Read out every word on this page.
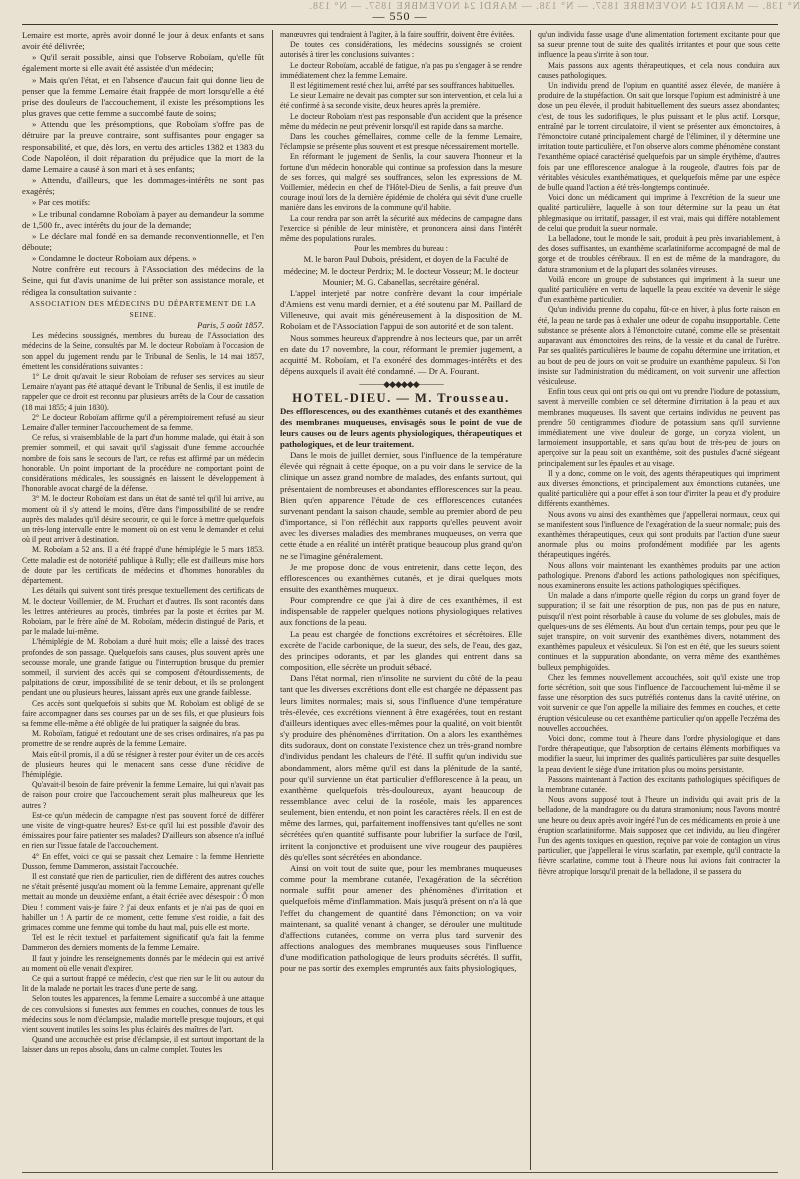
N° 138. — MARDI 24 NOVEMBRE 1857. — N° 138. — MARDI 24 NOVEMBRE 1857. — N° 138.
— 550 —

Lemaire est morte, après avoir donné le jour à deux enfants et sans avoir été délivrée;

» Qu'il serait possible, ainsi que l'observe Roboïam, qu'elle fût également morte si elle avait été assistée d'un médecin;

» Mais qu'en l'état, et en l'absence d'aucun fait qui donne lieu de penser que la femme Lemaire était frappée de mort lorsqu'elle a été prise des douleurs de l'accouchement, il existe les présomptions les plus graves que cette femme a succombé faute de soins;

» Attendu que les présomptions, que Roboïam s'offre pas de détruire par la preuve contraire, sont suffisantes pour engager sa responsabilité, et que, dès lors, en vertu des articles 1382 et 1383 du Code Napoléon, il doit réparation du préjudice que la mort de la dame Lemaire a causé à son mari et à ses enfants;

» Attendu, d'ailleurs, que les dommages-intérêts ne sont pas exagérés;

» Par ces motifs:

» Le tribunal condamne Roboïam à payer au demandeur la somme de 1,500 fr., avec intérêts du jour de la demande;

» Le déclare mal fondé en sa demande reconventionnelle, et l'en déboute;

» Condamne le docteur Roboïam aux dépens. »

Notre confrère eut recours à l'Association des médecins de la Seine, qui fut d'avis unanime de lui prêter son assistance morale, et rédigea la consultation suivante :

ASSOCIATION DES MÉDECINS DU DÉPARTEMENT DE LA SEINE.

Paris, 5 août 1857.

Les médecins soussignés, membres du bureau de l'Association des médecins de la Seine, consultés par M. le docteur Roboïam à l'occasion de son appel du jugement rendu par le Tribunal de Senlis, le 14 mai 1857, émettent les considérations suivantes :

1° Le droit qu'avait le sieur Roboïam de refuser ses services au sieur Lemaire n'ayant pas été attaqué devant le Tribunal de Senlis, il est inutile de rappeler que ce droit est reconnu par plusieurs arrêts de la Cour de cassation (18 mai 1855; 4 juin 1830).

2° Le docteur Roboïam affirme qu'il a péremptoirement refusé au sieur Lemaire d'aller terminer l'accouchement de sa femme.

Ce refus, si vraisemblable de la part d'un homme malade, qui était à son premier sommeil, et qui savait qu'il s'agissait d'une femme accouchée nombre de fois sans le secours de l'art, ce refus est affirmé par un médecin honorable. Un point important de la procédure ne comportant point de considérations médicales, les soussignés en laissent le développement à l'honorable avocat chargé de la défense.

3° M. le docteur Roboïam est dans un état de santé tel qu'il lui arrive, au moment où il s'y attend le moins, d'être dans l'impossibilité de se rendre auprès des malades qu'il désire secourir, ce qui le force à mettre quelquefois un très-long intervalle entre le moment où on est venu le demander et celui où il peut arriver à destination.

M. Roboïam a 52 ans. Il a été frappé d'une hémiplégie le 5 mars 1853. Cette maladie est de notoriété publique à Rully; elle est d'ailleurs mise hors de doute par les certificats de médecins et d'hommes honorables du département.

Les détails qui suivent sont tirés presque textuellement des certificats de M. le docteur Voillemier, de M. Fruchart et d'autres. Ils sont racontés dans les lettres antérieures au procès, timbrées par la poste et écrites par M. Roboïam, par le frère aîné de M. Roboïam, médecin distingué de Paris, et par le malade lui-même.

L'hémiplégie de M. Roboïam a duré huit mois; elle a laissé des traces profondes de son passage. Quelquefois sans causes, plus souvent après une secousse morale, une grande fatigue ou l'interruption brusque du premier sommeil, il survient des accès qui se composent d'étourdissements, de palpitations de cœur, impossibilité de se tenir debout, et ils se prolongent pendant une ou plusieurs heures, laissant après eux une grande faiblesse.

Ces accès sont quelquefois si subits que M. Roboïam est obligé de se faire accompagner dans ses courses par un de ses fils, et que plusieurs fois sa femme elle-même a été obligée de lui pratiquer la saignée du bras.

M. Roboïam, fatigué et redoutant une de ses crises ordinaires, n'a pas pu promettre de se rendre auprès de la femme Lemaire.

Mais eût-il promis, il a dû se résigner à rester pour éviter un de ces accès de plusieurs heures qui le menacent sans cesse d'une récidive de l'hémiplégie.

Qu'avait-il besoin de faire prévenir la femme Lemaire, lui qui n'avait pas de raison pour croire que l'accouchement serait plus malheureux que les autres ?

Est-ce qu'un médecin de campagne n'est pas souvent forcé de différer une visite de vingt-quatre heures? Est-ce qu'il lui est possible d'avoir des émissaires pour faire patienter ses malades? D'ailleurs son absence n'a influé en rien sur l'issue fatale de l'accouchement.

4° En effet, voici ce qui se passait chez Lemaire : la femme Henriette Dusson, femme Dammeron, assistait l'accouchée.

Il est constaté que rien de particulier, rien de différent des autres couches ne s'était présenté jusqu'au moment où la femme Lemaire, apprenant qu'elle mettait au monde un deuxième enfant, a était écriée avec désespoir : Ô mon Dieu ! comment vais-je faire ? j'ai deux enfants et je n'ai pas de quoi en habiller un ! A partir de ce moment, cette femme s'est roidie, a fait des grimaces comme une femme qui tombe du haut mal, puis elle est morte.

Tel est le récit textuel et parfaitement significatif qu'a fait la femme Dammeron des derniers moments de la femme Lemaire.

Il faut y joindre les renseignements donnés par le médecin qui est arrivé au moment où elle venait d'expirer.

Ce qui a surtout frappé ce médecin, c'est que rien sur le lit ou autour du lit de la malade ne portait les traces d'une perte de sang.

Selon toutes les apparences, la femme Lemaire a succombé à une attaque de ces convulsions si funestes aux femmes en couches, connues de tous les médecins sous le nom d'éclampsie, maladie mortelle presque toujours, et qui vient souvent inutiles les soins les plus éclairés des maîtres de l'art.

Quand une accouchée est prise d'éclampsie, il est surtout important de la laisser dans un repos absolu, dans un calme complet. Toutes les

manœuvres qui tendraient à l'agiter, à la faire souffrir, doivent être évitées.

De toutes ces considérations, les médecins soussignés se croient autorisés à tirer les conclusions suivantes :

Le docteur Roboïam, accablé de fatigue, n'a pas pu s'engager à se rendre immédiatement chez la femme Lemaire.

Il est légitimement resté chez lui, arrêté par ses souffrances habituelles.

Le sieur Lemaire ne devait pas compter sur son intervention, et cela lui a été confirmé à sa seconde visite, deux heures après la première.

Le docteur Roboïam n'est pas responsable d'un accident que la présence même du médecin ne peut prévenir lorsqu'il est rapide dans sa marche.

Dans les couches gémellaires, comme celle de la femme Lemaire, l'éclampsie se présente plus souvent et est presque nécessairement mortelle.

En réformant le jugement de Senlis, la cour sauvera l'honneur et la fortune d'un médecin honorable qui continue sa profession dans la mesure de ses forces, qui malgré ses souffrances, selon les expressions de M. Voillemier, médecin en chef de l'Hôtel-Dieu de Senlis, a fait preuve d'un courage inouï lors de la dernière épidémie de choléra qui sévit d'une cruelle manière dans les environs de la commune qu'il habite.

La cour rendra par son arrêt la sécurité aux médecins de campagne dans l'exercice si pénible de leur ministère, et prononcera ainsi dans l'intérêt même des populations rurales.

Pour les membres du bureau :

M. le baron Paul Dubois, président, et doyen de la Faculté de médecine; M. le docteur Perdrix; M. le docteur Vosseur; M. le docteur Mounier; M. G. Cabanellas, secrétaire général.

L'appel interjeté par notre confrère devant la cour impériale d'Amiens est venu mardi dernier, et a été soutenu par M. Paillard de Villeneuve, qui avait mis généreusement à la disposition de M. Roboïam et de l'Association l'appui de son autorité et de son talent.

Nous sommes heureux d'apprendre à nos lecteurs que, par un arrêt en date du 17 novembre, la cour, réformant le premier jugement, a acquitté M. Roboïam, et l'a exonéré des dommages-intérêts et des dépens auxquels il avait été condamné. — Dr A. Fourant.

———◆◆◆◆◆◆———
HOTEL-DIEU. — M. Trousseau.

Des efflorescences, ou des exanthèmes cutanés et des exanthèmes des membranes muqueuses, envisagés sous le point de vue de leurs causes ou de leurs agents physiologiques, thérapeutiques et pathologiques, et de leur traitement.

Dans le mois de juillet dernier, sous l'influence de la température élevée qui régnait à cette époque, on a pu voir dans le service de la clinique un assez grand nombre de malades, des enfants surtout, qui présentaient de nombreuses et abondantes efflorescences sur la peau. Bien qu'en apparence l'étude de ces efflorescences cutanées survenant pendant la saison chaude, semble au premier abord de peu d'importance, si l'on réfléchit aux rapports qu'elles peuvent avoir avec les diverses maladies des membranes muqueuses, on verra que cette étude a en réalité un intérêt pratique beaucoup plus grand qu'on ne se l'imagine généralement.

Je me propose donc de vous entretenir, dans cette leçon, des efflorescences ou exanthèmes cutanés, et je dirai quelques mots ensuite des exanthèmes muqueux.

Pour comprendre ce que j'ai à dire de ces exanthèmes, il est indispensable de rappeler quelques notions physiologiques relatives aux fonctions de la peau.

La peau est chargée de fonctions excrétoires et sécrétoires. Elle excrète de l'acide carbonique, de la sueur, des sels, de l'eau, des gaz, des principes odorants, et par les glandes qui entrent dans sa composition, elle sécrète un produit sébacé.

Dans l'état normal, rien n'insolite ne survient du côté de la peau tant que les diverses excrétions dont elle est chargée ne dépassent pas leurs limites normales; mais si, sous l'influence d'une température très-élevée, ces excrétions viennent à être exagérées, tout en restant d'ailleurs identiques avec elles-mêmes pour la qualité, on voit bientôt s'y produire des phénomènes d'irritation. On a alors les exanthèmes dits sudoraux, dont on constate l'existence chez un très-grand nombre d'individus pendant les chaleurs de l'été. Il suffit qu'un individu sue abondamment, alors même qu'il est dans la plénitude de la santé, pour qu'il survienne un état particulier d'efflorescence à la peau, un exanthème quelquefois très-douloureux, ayant beaucoup de ressemblance avec celui de la roséole, mais les apparences seulement, bien entendu, et non point les caractères réels. Il en est de même des larmes, qui, parfaitement inoffensives tant qu'elles ne sont sécrétées qu'en quantité suffisante pour lubrifier la surface de l'œil, irritent la conjonctive et produisent une vive rougeur des paupières dès qu'elles sont sécrétées en abondance.

Ainsi on voit tout de suite que, pour les membranes muqueuses comme pour la membrane cutanée, l'exagération de la sécrétion normale suffit pour amener des phénomènes d'irritation et quelquefois même d'inflammation. Mais jusqu'à présent on n'a là que l'effet du changement de quantité dans l'émonction; on va voir maintenant, sa qualité venant à changer, se dérouler une multitude d'affections cutanées, comme on verra plus tard survenir des affections analogues des membranes muqueuses sous l'influence d'une modification pathologique de leurs produits sécrétés. Il suffit, pour ne pas sortir des exemples empruntés aux faits physiologiques,

qu'un individu fasse usage d'une alimentation fortement excitante pour que sa sueur prenne tout de suite des qualités irritantes et pour que sous cette influence la peau s'irrite à son tour.

Mais passons aux agents thérapeutiques, et cela nous conduira aux causes pathologiques.

Un individu prend de l'opium en quantité assez élevée, de manière à produire de la stupéfaction. On sait que lorsque l'opium est administré à une dose un peu élevée, il produit habituellement des sueurs assez abondantes; c'est, de tous les sudorifiques, le plus puissant et le plus actif. Lorsque, entraîné par le torrent circulatoire, il vient se présenter aux émonctoires, à l'émonctoire cutané principalement chargé de l'éliminer, il y détermine une irritation toute particulière, et l'on observe alors comme phénomène constant l'exanthème opiacé caractérisé quelquefois par un simple érythème, d'autres fois par une efflorescence analogue à la rougeole, d'autres fois par de véritables vésicules exanthématiques, et quelquefois même par une espèce de bulle quand l'action a été très-longtemps continuée.

Voici donc un médicament qui imprime à l'excrétion de la sueur une qualité particulière, laquelle à son tour détermine sur la peau un état phlegmasique ou irritatif, passager, il est vrai, mais qui diffère notablement de celui que produit la sueur normale.

La belladone, tout le monde le sait, produit à peu près invariablement, à des doses suffisantes, un exanthème scarlatiniforme accompagné de mal de gorge et de troubles cérébraux. Il en est de même de la mandragore, du datura stramonium et de la plupart des solanées vireuses.

Voilà encore un groupe de substances qui impriment à la sueur une qualité particulière en vertu de laquelle la peau excitée va devenir le siège d'un exanthème particulier.

Qu'un individu prenne du copahu, fût-ce en hiver, à plus forte raison en été, la peau ne tarde pas à exhaler une odeur de copahu insupportable. Cette substance se présente alors à l'émonctoire cutané, comme elle se présentait auparavant aux émonctoires des reins, de la vessie et du canal de l'urètre. Par ses qualités particulières le baume de copahu détermine une irritation, et au bout de peu de jours on voit se produire un exanthème papuleux. Si l'on insiste sur l'administration du médicament, on voit survenir une affection vésiculeuse.

Enfin tous ceux qui ont pris ou qui ont vu prendre l'iodure de potassium, savent à merveille combien ce sel détermine d'irritation à la peau et aux membranes muqueuses. Ils savent que certains individus ne peuvent pas prendre 50 centigrammes d'iodure de potassium sans qu'il survienne immédiatement une vive douleur de gorge, un coryza violent, un larmoiement insupportable, et sans qu'au bout de très-peu de jours on aperçoive sur la peau soit un exanthème, soit des pustules d'acné siégeant principalement sur les épaules et au visage.

Il y a donc, comme on le voit, des agents thérapeutiques qui impriment aux diverses émonctions, et principalement aux émonctions cutanées, une qualité particulière qui a pour effet à son tour d'irriter la peau et d'y produire différents exanthèmes.

Nous avons vu ainsi des exanthèmes que j'appellerai normaux, ceux qui se manifestent sous l'influence de l'exagération de la sueur normale; puis des exanthèmes thérapeutiques, ceux qui sont produits par l'action d'une sueur anormale plus ou moins profondément modifiée par les agents thérapeutiques ingérés.

Nous allons voir maintenant les exanthèmes produits par une action pathologique. Prenons d'abord les actions pathologiques non spécifiques, nous examinerons ensuite les actions pathologiques spécifiques.

Un malade a dans n'importe quelle région du corps un grand foyer de suppuration; il se fait une résorption de pus, non pas de pus en nature, puisqu'il n'est point résorbable à cause du volume de ses globules, mais de quelques-uns de ses éléments. Au bout d'un certain temps, pour peu que le sujet transpire, on voit survenir des exanthèmes divers, notamment des exanthèmes papuleux et vésiculeux. Si l'on est en été, que les sueurs soient continues et la suppuration abondante, on verra même des exanthèmes bulleux pemphigoïdes.

Chez les femmes nouvellement accouchées, soit qu'il existe une trop forte sécrétion, soit que sous l'influence de l'accouchement lui-même il se fasse une résorption des sucs putréfiés contenus dans la cavité utérine, on voit survenir ce que l'on appelle la miliaire des femmes en couches, et cette éruption vésiculeuse ou cet exanthème particulier qu'on appelle l'eczéma des nouvelles accouchées.

Voici donc, comme tout à l'heure dans l'ordre physiologique et dans l'ordre thérapeutique, que l'absorption de certains éléments morbifiques va modifier la sueur, lui imprimer des qualités particulières par suite desquelles la peau devient le siège d'une irritation plus ou moins persistante.

Passons maintenant à l'action des excitants pathologiques spécifiques de la membrane cutanée.

Nous avons supposé tout à l'heure un individu qui avait pris de la belladone, de la mandragore ou du datura stramonium; nous l'avons montré une heure ou deux après avoir ingéré l'un de ces médicaments en proie à une éruption scarlatiniforme. Mais supposez que cet individu, au lieu d'ingérer l'un des agents toxiques en question, reçoive par voie de contagion un virus particulier, que j'appellerai le virus scarlatin, par exemple, qu'il contracte la fièvre scarlatine, comme tout à l'heure nous lui avions fait contracter la fièvre atropique lorsqu'il prenait de la belladone, il se passera du
